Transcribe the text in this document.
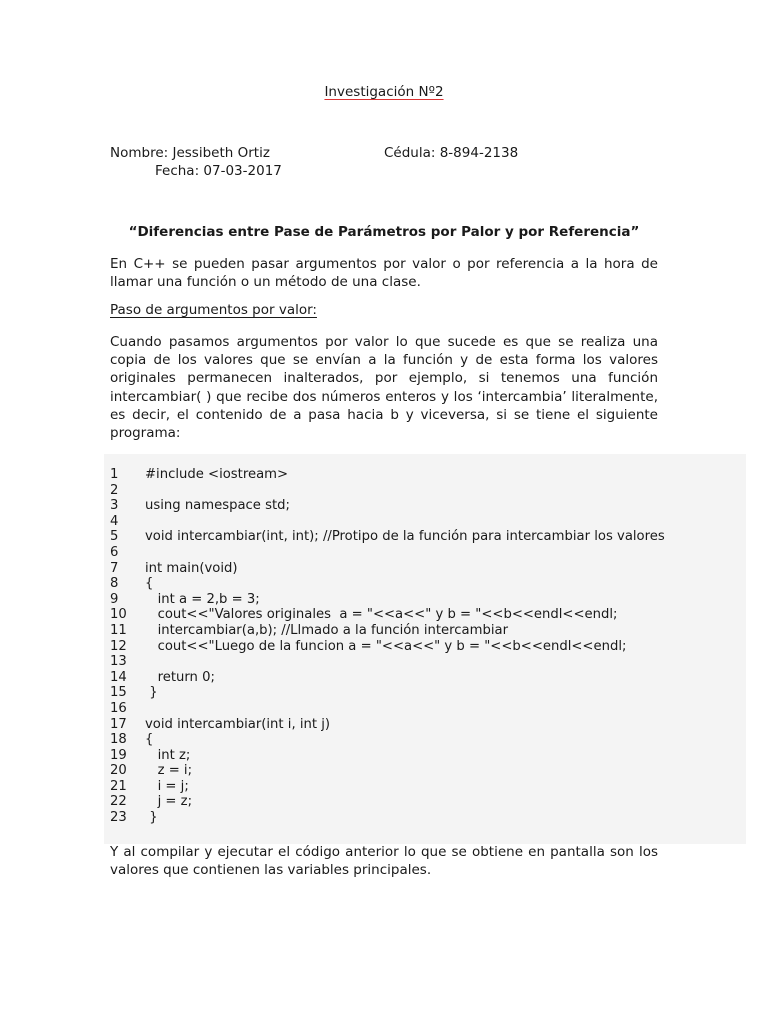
Investigación Nº2
Nombre: Jessibeth Ortiz	Cédula: 8-894-2138
Fecha: 07-03-2017
“Diferencias entre Pase de Parámetros por Palor y por Referencia”
En C++ se pueden pasar argumentos por valor o por referencia a la hora de llamar una función o un método de una clase.
Paso de argumentos por valor:
Cuando pasamos argumentos por valor lo que sucede es que se realiza una copia de los valores que se envían a la función y de esta forma los valores originales permanecen inalterados, por ejemplo, si tenemos una función intercambiar( ) que recibe dos números enteros y los ‘intercambia’ literalmente, es decir, el contenido de a pasa hacia b y viceversa, si se tiene el siguiente programa:
1 #include <iostream>
2
3 using namespace std;
4
5 void intercambiar(int, int); //Protipo de la función para intercambiar los valores
6
7 int main(void)
8 {
9   int a = 2,b = 3;
10   cout<<"Valores originales  a = "<<a<<" y b = "<<b<<endl<<endl;
11   intercambiar(a,b); //Llmado a la función intercambiar
12   cout<<"Luego de la funcion a = "<<a<<" y b = "<<b<<endl<<endl;
13
14   return 0;
15 }
16
17 void intercambiar(int i, int j)
18 {
19   int z;
20   z = i;
21   i = j;
22   j = z;
23 }
Y al compilar y ejecutar el código anterior lo que se obtiene en pantalla son los valores que contienen las variables principales.
